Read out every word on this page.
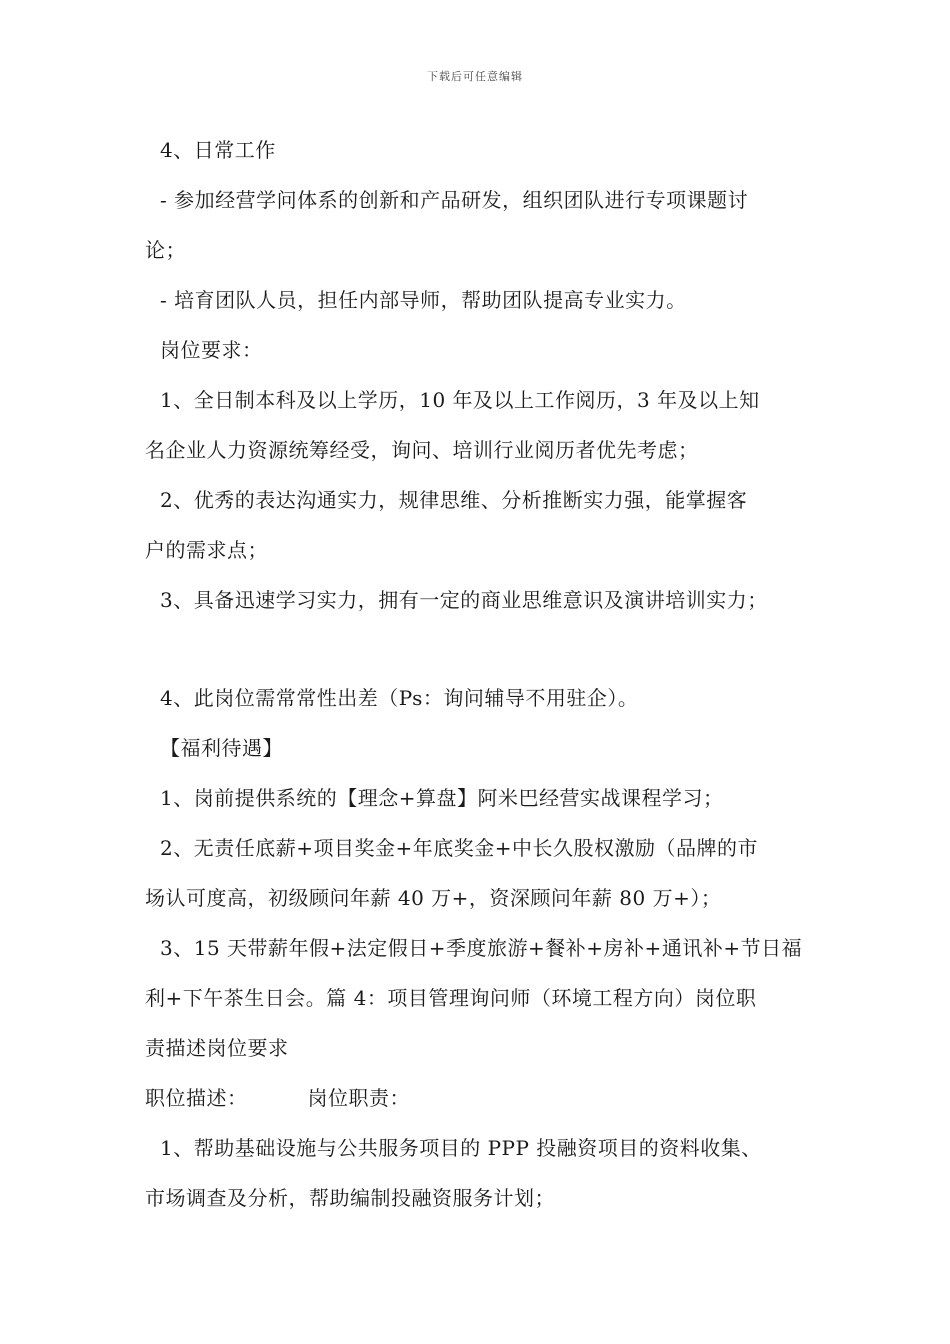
下载后可任意编辑
4、日常工作
- 参加经营学问体系的创新和产品研发，组织团队进行专项课题讨
论；
- 培育团队人员，担任内部导师，帮助团队提高专业实力。
岗位要求：
1、全日制本科及以上学历，10 年及以上工作阅历，3 年及以上知
名企业人力资源统筹经受，询问、培训行业阅历者优先考虑；
2、优秀的表达沟通实力，规律思维、分析推断实力强，能掌握客
户的需求点；
3、具备迅速学习实力，拥有一定的商业思维意识及演讲培训实力；
4、此岗位需常常性出差（Ps：询问辅导不用驻企）。
【福利待遇】
1、岗前提供系统的【理念+算盘】阿米巴经营实战课程学习；
2、无责任底薪+项目奖金+年底奖金+中长久股权激励（品牌的市
场认可度高，初级顾问年薪 40 万+，资深顾问年薪 80 万+）；
3、15 天带薪年假+法定假日+季度旅游+餐补+房补+通讯补+节日福
利+下午茶生日会。篇 4：项目管理询问师（环境工程方向）岗位职
责描述岗位要求
职位描述：	岗位职责：
1、帮助基础设施与公共服务项目的 PPP 投融资项目的资料收集、
市场调查及分析，帮助编制投融资服务计划；
